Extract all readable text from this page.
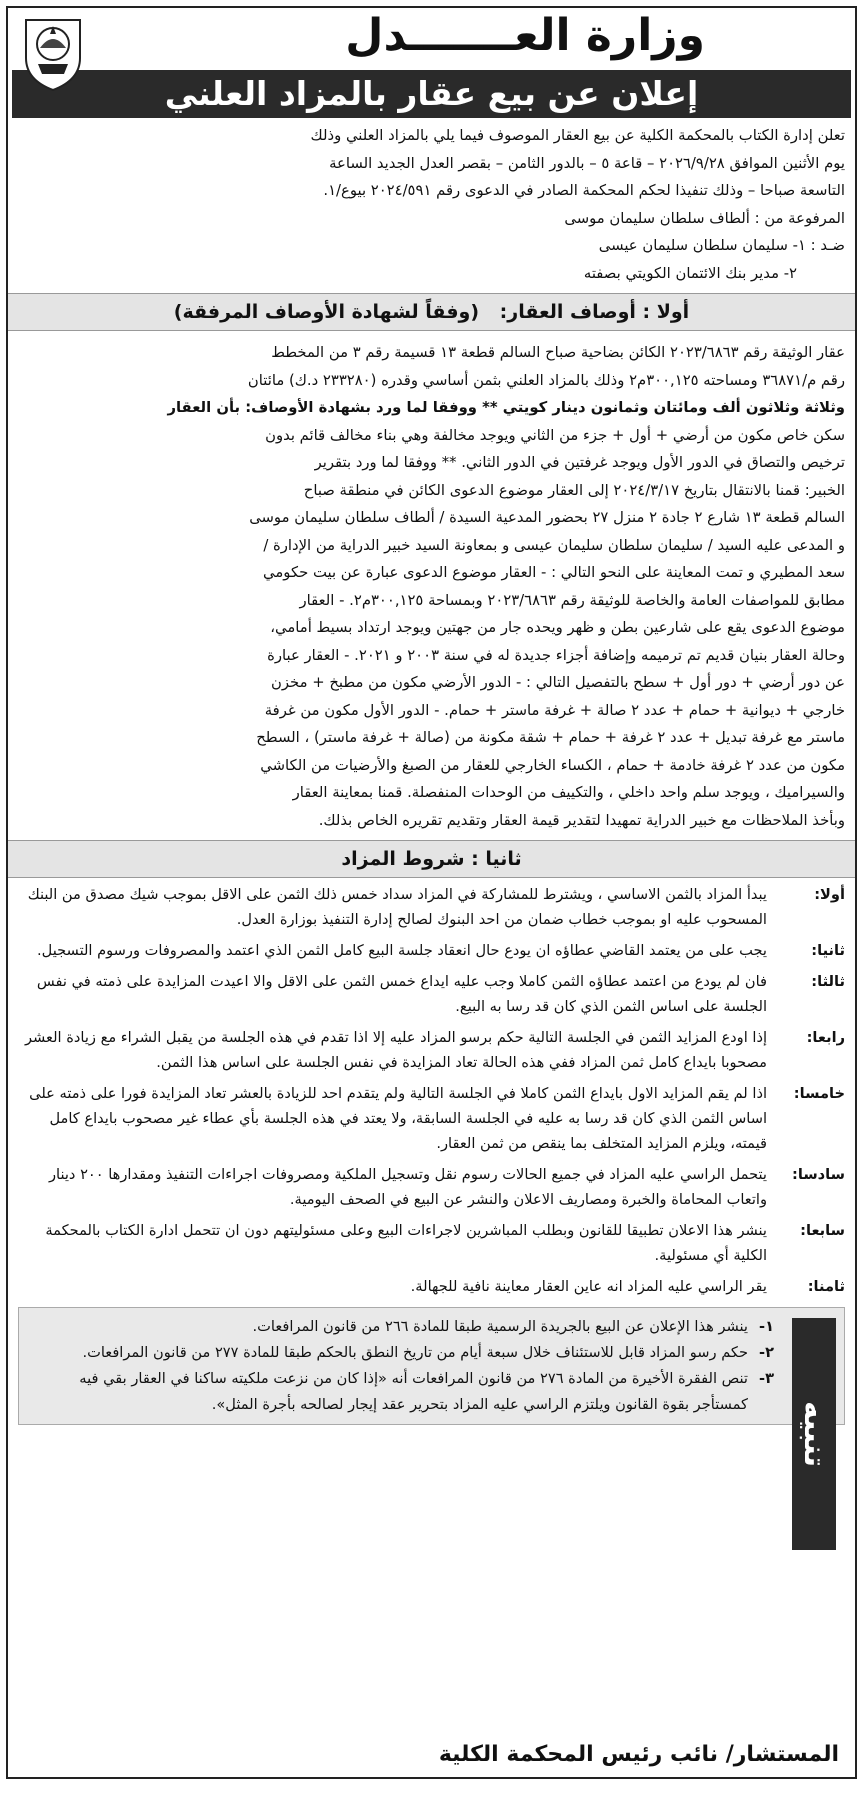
وزارة العـــــــدل
إعلان عن بيع عقار بالمزاد العلني
تعلن إدارة الكتاب بالمحكمة الكلية عن بيع العقار الموصوف فيما يلي بالمزاد العلني وذلك
يوم الأثنين الموافق ٢٠٢٦/٩/٢٨ – قاعة ٥ – بالدور الثامن – بقصر العدل الجديد الساعة
التاسعة صباحا – وذلك تنفيذا لحكم المحكمة الصادر في الدعوى رقم ٢٠٢٤/٥٩١ بيوع/١.
المرفوعة من : ألطاف سلطان سليمان موسى
ضـد : ١- سليمان سلطان سليمان عيسى
٢- مدير بنك الائتمان الكويتي بصفته
أولا : أوصاف العقار: (وفقاً لشهادة الأوصاف المرفقة)
عقار الوثيقة رقم ٢٠٢٣/٦٨٦٣ الكائن بضاحية صباح السالم قطعة ١٣ قسيمة رقم ٣ من المخطط
رقم م/٣٦٨٧١ ومساحته ٣٠٠,١٢٥م٢ وذلك بالمزاد العلني بثمن أساسي وقدره (٢٣٣٢٨٠ د.ك) مائتان
وثلاثة وثلاثون ألف ومائتان وثمانون دينار كويتي ** ووفقا لما ورد بشهادة الأوصاف: بأن العقار
سكن خاص مكون من أرضي + أول + جزء من الثاني ويوجد مخالفة وهي بناء مخالف قائم بدون
ترخيص والتصاق في الدور الأول ويوجد غرفتين في الدور الثاني. ** ووفقا لما ورد بتقرير
الخبير: قمنا بالانتقال بتاريخ ٢٠٢٤/٣/١٧ إلى العقار موضوع الدعوى الكائن في منطقة صباح
السالم قطعة ١٣ شارع ٢ جادة ٢ منزل ٢٧ بحضور المدعية السيدة / ألطاف سلطان سليمان موسى
و المدعى عليه السيد / سليمان سلطان سليمان عيسى و بمعاونة السيد خبير الدراية من الإدارة /
سعد المطيري و تمت المعاينة على النحو التالي : - العقار موضوع الدعوى عبارة عن بيت حكومي
مطابق للمواصفات العامة والخاصة للوثيقة رقم ٢٠٢٣/٦٨٦٣ وبمساحة ٣٠٠,١٢٥م٢. - العقار
موضوع الدعوى يقع على شارعين بطن و ظهر ويحده جار من جهتين ويوجد ارتداد بسيط أمامي،
وحالة العقار بنيان قديم تم ترميمه وإضافة أجزاء جديدة له في سنة ٢٠٠٣ و ٢٠٢١. - العقار عبارة
عن دور أرضي + دور أول + سطح بالتفصيل التالي : - الدور الأرضي مكون من مطبخ + مخزن
خارجي + ديوانية + حمام + عدد ٢ صالة + غرفة ماستر + حمام. - الدور الأول مكون من غرفة
ماستر مع غرفة تبديل + عدد ٢ غرفة + حمام + شقة مكونة من (صالة + غرفة ماستر) ، السطح
مكون من عدد ٢ غرفة خادمة + حمام ، الكساء الخارجي للعقار من الصبغ والأرضيات من الكاشي
والسيراميك ، ويوجد سلم واحد داخلي ، والتكييف من الوحدات المنفصلة. قمنا بمعاينة العقار
وبأخذ الملاحظات مع خبير الدراية تمهيدا لتقدير قيمة العقار وتقديم تقريره الخاص بذلك.
ثانيا : شروط المزاد
أولا:
يبدأ المزاد بالثمن الاساسي ، ويشترط للمشاركة في المزاد سداد خمس ذلك الثمن على الاقل بموجب شيك مصدق من البنك المسحوب عليه او بموجب خطاب ضمان من احد البنوك لصالح إدارة التنفيذ بوزارة العدل.
ثانيا:
يجب على من يعتمد القاضي عطاؤه ان يودع حال انعقاد جلسة البيع كامل الثمن الذي اعتمد والمصروفات ورسوم التسجيل.
ثالثا:
فان لم يودع من اعتمد عطاؤه الثمن كاملا وجب عليه ايداع خمس الثمن على الاقل والا اعيدت المزايدة على ذمته في نفس الجلسة على اساس الثمن الذي كان قد رسا به البيع.
رابعا:
إذا اودع المزايد الثمن في الجلسة التالية حكم برسو المزاد عليه إلا اذا تقدم في هذه الجلسة من يقبل الشراء مع زيادة العشر مصحوبا بايداع كامل ثمن المزاد ففي هذه الحالة تعاد المزايدة في نفس الجلسة على اساس هذا الثمن.
خامسا:
اذا لم يقم المزايد الاول بايداع الثمن كاملا في الجلسة التالية ولم يتقدم احد للزيادة بالعشر تعاد المزايدة فورا على ذمته على اساس الثمن الذي كان قد رسا به عليه في الجلسة السابقة، ولا يعتد في هذه الجلسة بأي عطاء غير مصحوب بايداع كامل قيمته، ويلزم المزايد المتخلف بما ينقص من ثمن العقار.
سادسا:
يتحمل الراسي عليه المزاد في جميع الحالات رسوم نقل وتسجيل الملكية ومصروفات اجراءات التنفيذ ومقدارها ٢٠٠ دينار واتعاب المحاماة والخبرة ومصاريف الاعلان والنشر عن البيع في الصحف اليومية.
سابعا:
ينشر هذا الاعلان تطبيقا للقانون وبطلب المباشرين لاجراءات البيع وعلى مسئوليتهم دون ان تتحمل ادارة الكتاب بالمحكمة الكلية أي مسئولية.
ثامنا:
يقر الراسي عليه المزاد انه عاين العقار معاينة نافية للجهالة.
تنبيه
١-
ينشر هذا الإعلان عن البيع بالجريدة الرسمية طبقا للمادة ٢٦٦ من قانون المرافعات.
٢-
حكم رسو المزاد قابل للاستئناف خلال سبعة أيام من تاريخ النطق بالحكم طبقا للمادة ٢٧٧ من قانون المرافعات.
٣-
تنص الفقرة الأخيرة من المادة ٢٧٦ من قانون المرافعات أنه «إذا كان من نزعت ملكيته ساكنا في العقار بقي فيه كمستأجر بقوة القانون ويلتزم الراسي عليه المزاد بتحرير عقد إيجار لصالحه بأجرة المثل».
المستشار/ نائب رئيس المحكمة الكلية
